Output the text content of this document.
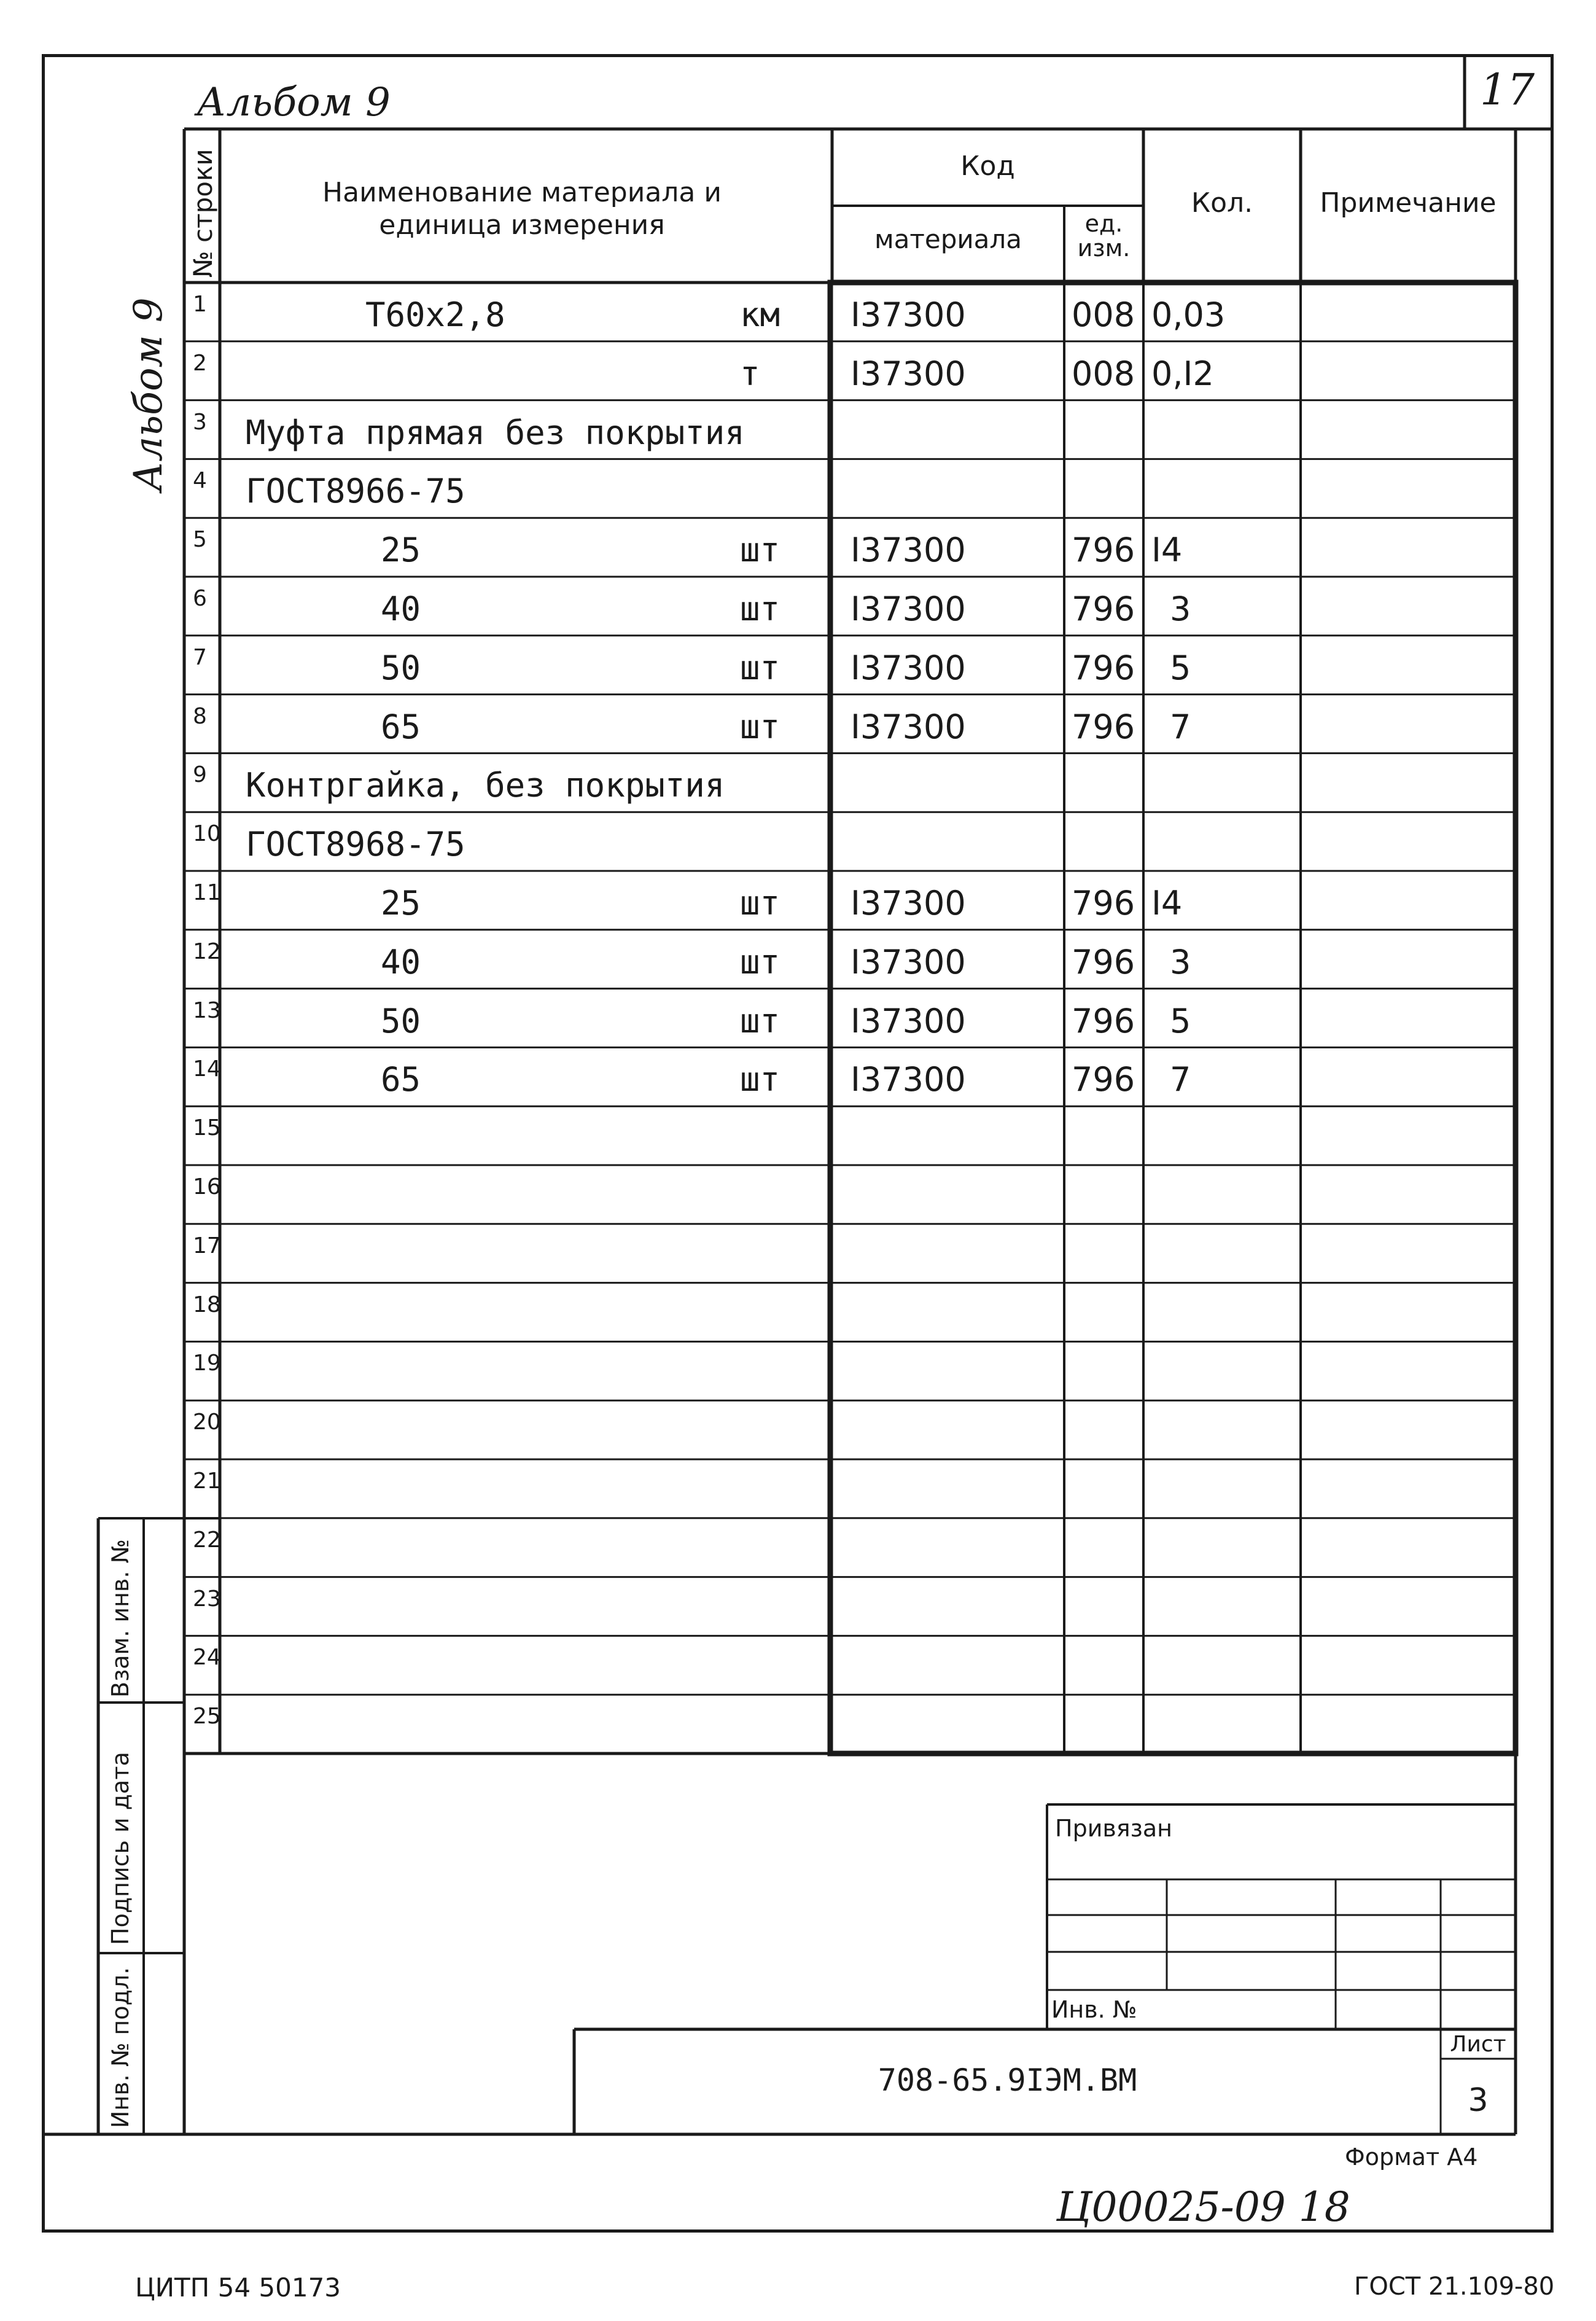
Альбом 9
Альбом 9
17
№ строки	Наименование материала и
единица измерения
Код
материала
ед.
изм.
Кол.	Примечание
1	Т60х2,8	км I37300	008 0,03
2	т	I37300	008 0,I2
3 Муфта прямая без покрытия
4 ГОСТ8966-75
5	25	шт I37300	796 I4
6	40	шт I37300	796 3
7	50	шт I37300	796 5
8	65	шт I37300	796 7
9 Контргайка, без покрытия
10 ГОСТ8968-75
11	25	шт I37300	796 I4
12	40	шт I37300	796 3
13	50	шт I37300	796 5
14	65	шт I37300	796 7
15
16
17
18
19
20
21
22
23
24
25
Взам. инв. №
Подпись и дата
Инв. № подл.
Привязан
Инв. №
708-65.9IЭМ.ВМ
Лист
3
Формат А4
Ц00025-09 18
ЦИТП 54 50173	ГОСТ 21.109-80
